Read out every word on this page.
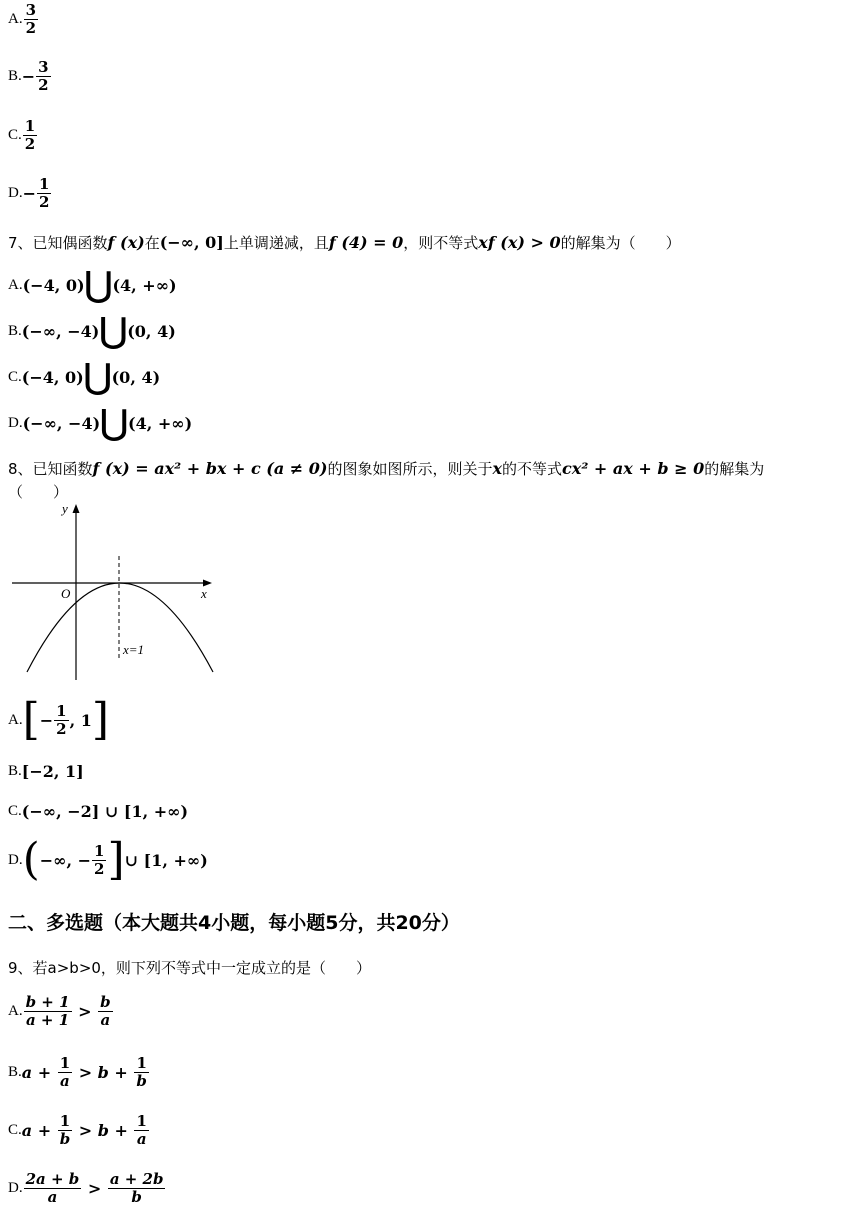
A. $\frac{3}{2}$
B. − $\frac{3}{2}$
C. $\frac{1}{2}$
D. − $\frac{1}{2}$
7、已知偶函数 f (x) 在 (−∞, 0] 上单调递减，且 f (4) = 0 ，则不等式 xf (x) > 0 的解集为（　　）
A. (−4, 0) ⋃ (4, +∞)
B. (−∞, −4) ⋃ (0, 4)
C. (−4, 0) ⋃ (0, 4)
D. (−∞, −4) ⋃ (4, +∞)
8、已知函数 f (x) = ax² + bx + c (a ≠ 0) 的图象如图所示，则关于 x 的不等式 cx² + ax + b ≥ 0 的解集为
（　　）
y
x
O
x=1
A. [ − $\frac{1}{2}$ , 1 ]
B. [−2, 1]
C. (−∞, −2] ∪ [1, +∞)
D. ( −∞, − $\frac{1}{2}$ ] ∪ [1, +∞)
二、多选题（本大题共4小题，每小题5分，共20分）
9、若a>b>0，则下列不等式中一定成立的是（　　）
A. $\frac{b + 1}{a + 1} > \frac{b}{a}$
B. $a + \frac{1}{a} > b + \frac{1}{b}$
C. $a + \frac{1}{b} > b + \frac{1}{a}$
D. $\frac{2a + b}{a} > \frac{a + 2b}{b}$
